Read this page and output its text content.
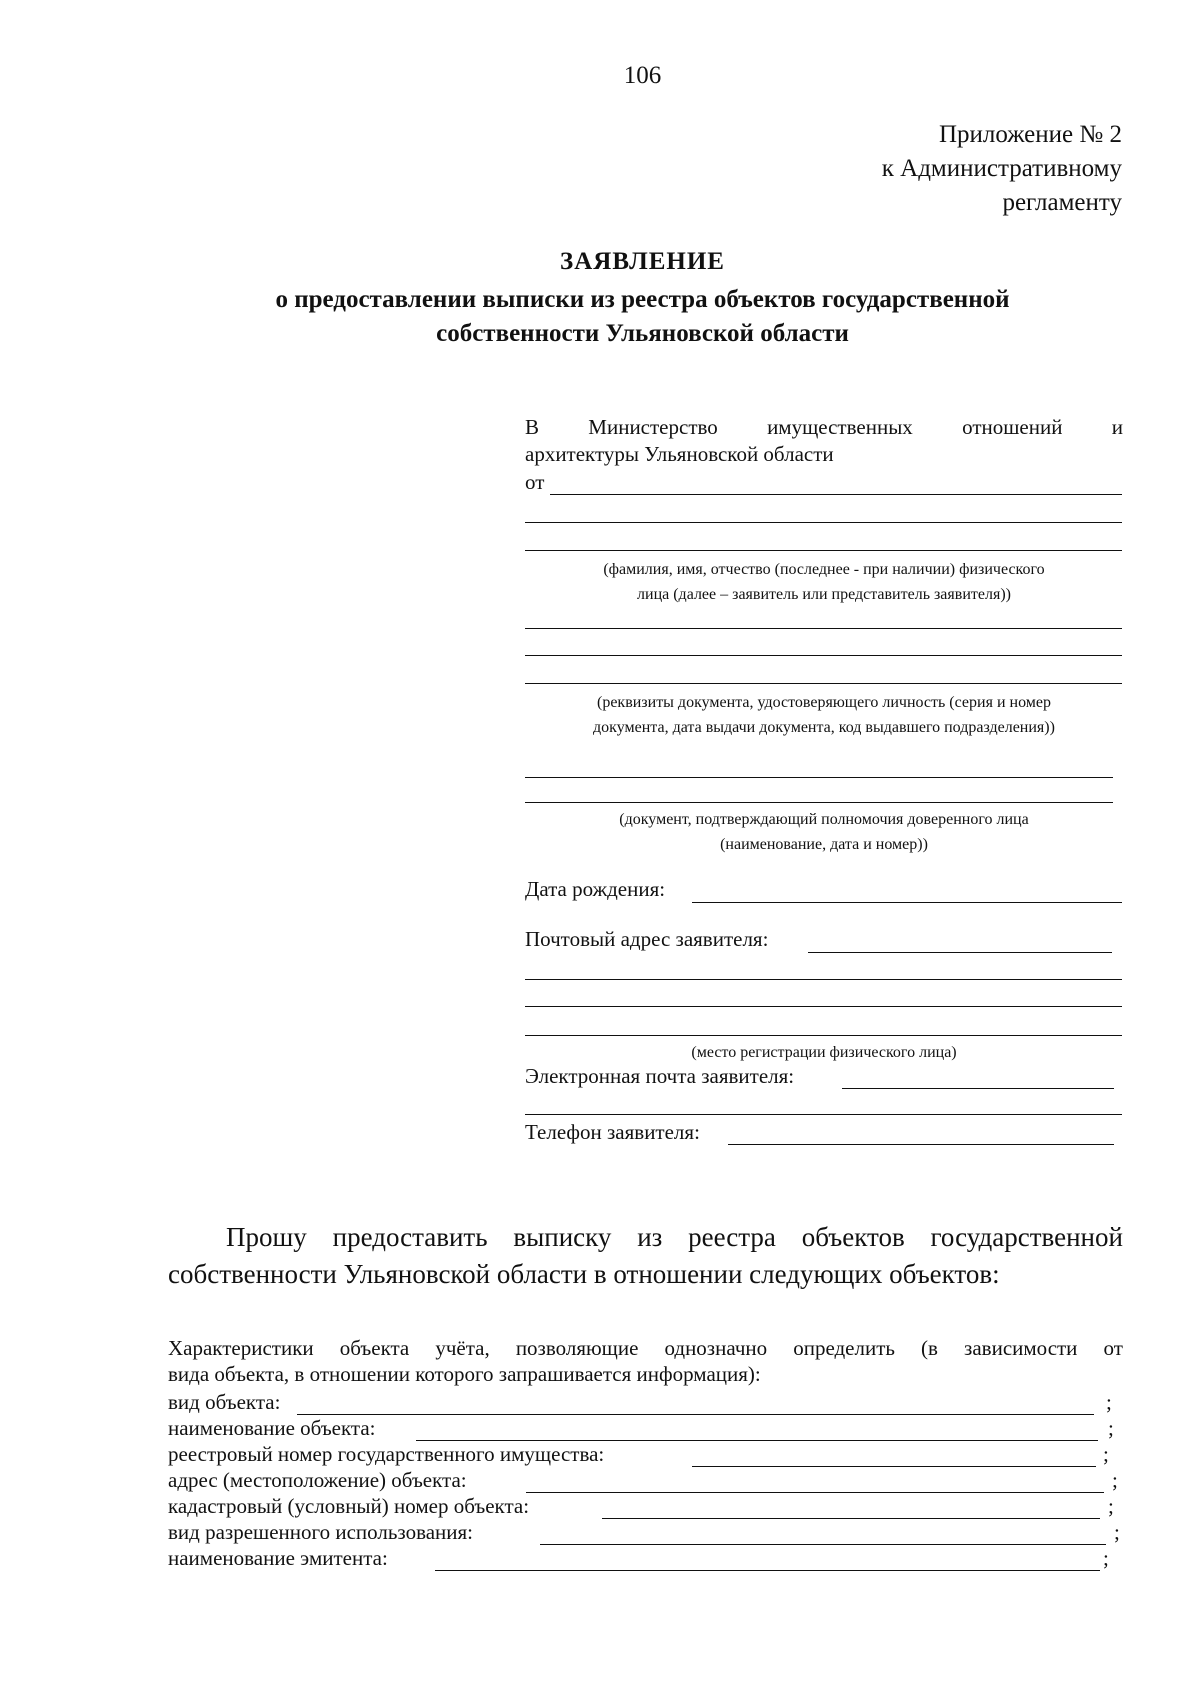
106
Приложение № 2
к Административному
регламенту
ЗАЯВЛЕНИЕ
о предоставлении выписки из реестра объектов государственной
собственности Ульяновской области
В Министерство имущественных отношений и
архитектуры Ульяновской области
от
(фамилия, имя, отчество (последнее - при наличии) физического
лица (далее – заявитель или представитель заявителя))
(реквизиты документа, удостоверяющего личность (серия и номер
документа, дата выдачи документа, код выдавшего подразделения))
(документ, подтверждающий полномочия доверенного лица
(наименование, дата и номер))
Дата рождения:
Почтовый адрес заявителя:
(место регистрации физического лица)
Электронная почта заявителя:
Телефон заявителя:
Прошу предоставить выписку из реестра объектов государственной
собственности Ульяновской области в отношении следующих объектов:
Характеристики объекта учёта, позволяющие однозначно определить (в зависимости от
вида объекта, в отношении которого запрашивается информация):
вид объекта:	;
наименование объекта:	;
реестровый номер государственного имущества:	;
адрес (местоположение) объекта:	;
кадастровый (условный) номер объекта:	;
вид разрешенного использования:	;
наименование эмитента:	;
